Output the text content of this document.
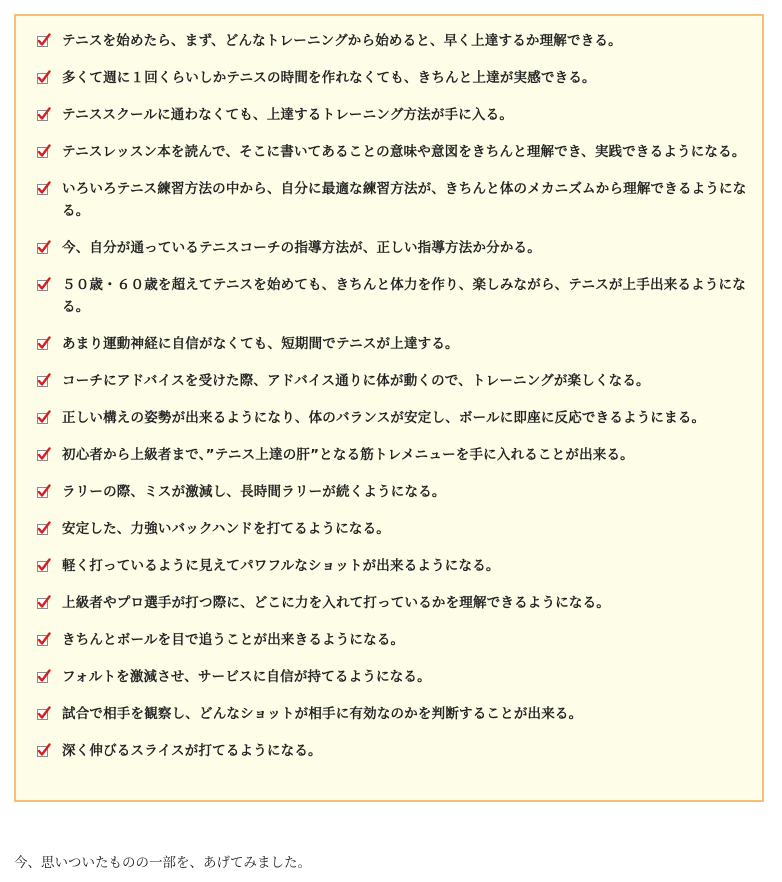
テニスを始めたら、まず、どんなトレーニングから始めると、早く上達するか理解できる。
多くて週に１回くらいしかテニスの時間を作れなくても、きちんと上達が実感できる。
テニススクールに通わなくても、上達するトレーニング方法が手に入る。
テニスレッスン本を読んで、そこに書いてあることの意味や意図をきちんと理解でき、実践できるようになる。
いろいろテニス練習方法の中から、自分に最適な練習方法が、きちんと体のメカニズムから理解できるようになる。
今、自分が通っているテニスコーチの指導方法が、正しい指導方法か分かる。
５０歳・６０歳を超えてテニスを始めても、きちんと体力を作り、楽しみながら、テニスが上手出来るようになる。
あまり運動神経に自信がなくても、短期間でテニスが上達する。
コーチにアドバイスを受けた際、アドバイス通りに体が動くので、トレーニングが楽しくなる。
正しい構えの姿勢が出来るようになり、体のバランスが安定し、ボールに即座に反応できるようにまる。
初心者から上級者まで、”テニス上達の肝”となる筋トレメニューを手に入れることが出来る。
ラリーの際、ミスが激減し、長時間ラリーが続くようになる。
安定した、力強いバックハンドを打てるようになる。
軽く打っているように見えてパワフルなショットが出来るようになる。
上級者やプロ選手が打つ際に、どこに力を入れて打っているかを理解できるようになる。
きちんとボールを目で追うことが出来きるようになる。
フォルトを激減させ、サービスに自信が持てるようになる。
試合で相手を観察し、どんなショットが相手に有効なのかを判断することが出来る。
深く伸びるスライスが打てるようになる。
今、思いついたものの一部を、あげてみました。
